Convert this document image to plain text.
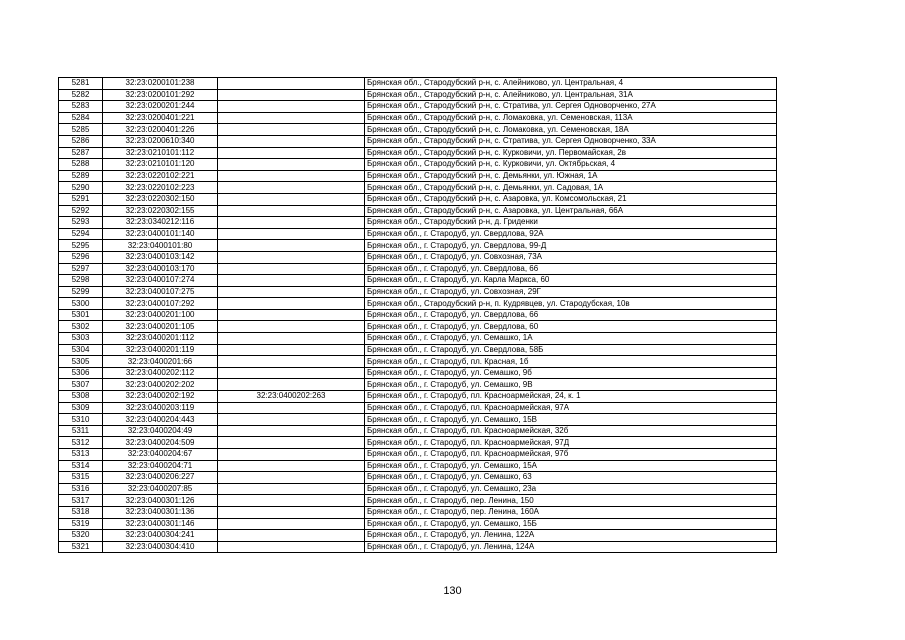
5281	32:23:0200101:238		Брянская обл., Стародубский р-н, с. Алейниково, ул. Центральная, 4
5282	32:23:0200101:292		Брянская обл., Стародубский р-н, с. Алейниково, ул. Центральная, 31А
5283	32:23:0200201:244		Брянская обл., Стародубский р-н, с. Стратива, ул. Сергея Одноворченко, 27А
5284	32:23:0200401:221		Брянская обл., Стародубский р-н, с. Ломаковка, ул. Семеновская, 113А
5285	32:23:0200401:226		Брянская обл., Стародубский р-н, с. Ломаковка, ул. Семеновская, 18А
5286	32:23:0200610:340		Брянская обл., Стародубский р-н, с. Стратива, ул. Сергея Одноворченко, 33А
5287	32:23:0210101:112		Брянская обл., Стародубский р-н, с. Курковичи, ул. Первомайская, 2в
5288	32:23:0210101:120		Брянская обл., Стародубский р-н, с. Курковичи, ул. Октябрьская, 4
5289	32:23:0220102:221		Брянская обл., Стародубский р-н, с. Демьянки, ул. Южная, 1А
5290	32:23:0220102:223		Брянская обл., Стародубский р-н, с. Демьянки, ул. Садовая, 1А
5291	32:23:0220302:150		Брянская обл., Стародубский р-н, с. Азаровка, ул. Комсомольская, 21
5292	32:23:0220302:155		Брянская обл., Стародубский р-н, с. Азаровка, ул. Центральная, 66А
5293	32:23:0340212:116		Брянская обл., Стародубский р-н, д. Гриденки
5294	32:23:0400101:140		Брянская обл., г. Стародуб, ул. Свердлова, 92А
5295	32:23:0400101:80		Брянская обл., г. Стародуб, ул. Свердлова, 99-Д
5296	32:23:0400103:142		Брянская обл., г. Стародуб, ул. Совхозная, 73А
5297	32:23:0400103:170		Брянская обл., г. Стародуб, ул. Свердлова, 66
5298	32:23:0400107:274		Брянская обл., г. Стародуб, ул. Карла Маркса, 60
5299	32:23:0400107:275		Брянская обл., г. Стародуб, ул. Совхозная, 29Г
5300	32:23:0400107:292		Брянская обл., Стародубский р-н, п. Кудрявцев, ул. Стародубская, 10в
5301	32:23:0400201:100		Брянская обл., г. Стародуб, ул. Свердлова, 66
5302	32:23:0400201:105		Брянская обл., г. Стародуб, ул. Свердлова, 60
5303	32:23:0400201:112		Брянская обл., г. Стародуб, ул. Семашко, 1А
5304	32:23:0400201:119		Брянская обл., г. Стародуб, ул. Свердлова, 58Б
5305	32:23:0400201:66		Брянская обл., г. Стародуб, пл. Красная, 1б
5306	32:23:0400202:112		Брянская обл., г. Стародуб, ул. Семашко, 9б
5307	32:23:0400202:202		Брянская обл., г. Стародуб, ул. Семашко, 9В
5308	32:23:0400202:192	32:23:0400202:263	Брянская обл., г. Стародуб, пл. Красноармейская, 24, к. 1
5309	32:23:0400203:119		Брянская обл., г. Стародуб, пл. Красноармейская, 97А
5310	32:23:0400204:443		Брянская обл., г. Стародуб, ул. Семашко, 15В
5311	32:23:0400204:49		Брянская обл., г. Стародуб, пл. Красноармейская, 32б
5312	32:23:0400204:509		Брянская обл., г. Стародуб, пл. Красноармейская, 97Д
5313	32:23:0400204:67		Брянская обл., г. Стародуб, пл. Красноармейская, 97б
5314	32:23:0400204:71		Брянская обл., г. Стародуб, ул. Семашко, 15А
5315	32:23:0400206:227		Брянская обл., г. Стародуб, ул. Семашко, 63
5316	32:23:0400207:85		Брянская обл., г. Стародуб, ул. Семашко, 23а
5317	32:23:0400301:126		Брянская обл., г. Стародуб, пер. Ленина, 150
5318	32:23:0400301:136		Брянская обл., г. Стародуб, пер. Ленина, 160А
5319	32:23:0400301:146		Брянская обл., г. Стародуб, ул. Семашко, 15Б
5320	32:23:0400304:241		Брянская обл., г. Стародуб, ул. Ленина, 122А
5321	32:23:0400304:410		Брянская обл., г. Стародуб, ул. Ленина, 124А
130
